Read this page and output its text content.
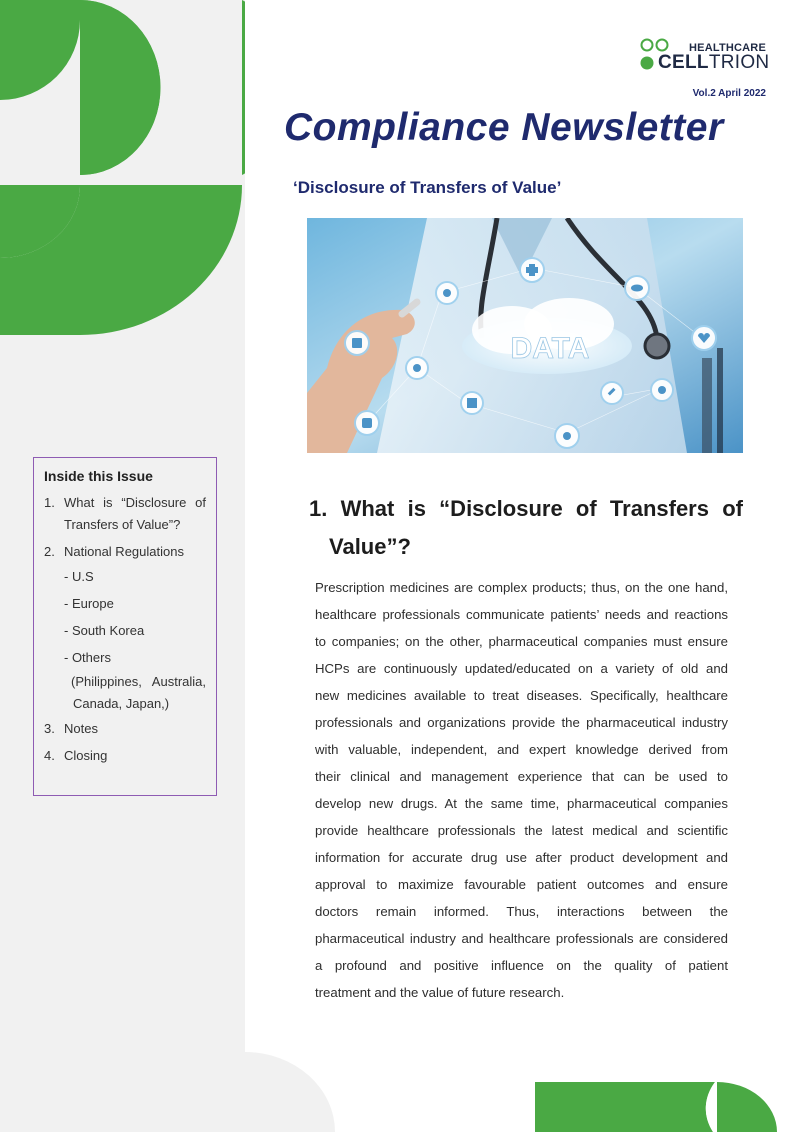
HEALTHCARE
CELLTRION
Vol.2 April 2022
Compliance Newsletter
‘Disclosure of Transfers of Value’
DATA
Inside this Issue
1. What is “Disclosure of
Transfers of Value”?
2. National Regulations
- U.S
- Europe
- South Korea
- Others
(Philippines, Australia,
Canada, Japan,)
3. Notes
4. Closing
1. What is “Disclosure of Transfers of
Value”?
Prescription medicines are complex products; thus, on the one hand,
healthcare professionals communicate patients’ needs and reactions
to companies; on the other, pharmaceutical companies must ensure
HCPs are continuously updated/educated on a variety of old and
new medicines available to treat diseases. Specifically, healthcare
professionals and organizations provide the pharmaceutical industry
with valuable, independent, and expert knowledge derived from
their clinical and management experience that can be used to
develop new drugs. At the same time, pharmaceutical companies
provide healthcare professionals the latest medical and scientific
information for accurate drug use after product development and
approval to maximize favourable patient outcomes and ensure
doctors remain informed. Thus, interactions between the
pharmaceutical industry and healthcare professionals are considered
a profound and positive influence on the quality of patient
treatment and the value of future research.
